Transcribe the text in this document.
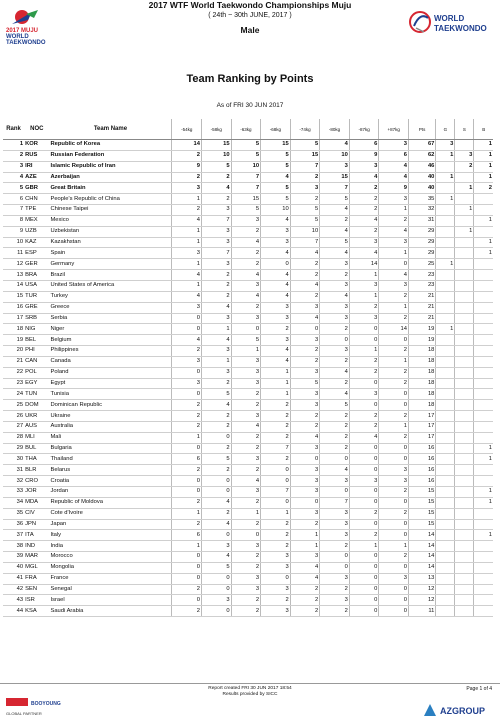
2017 MUJU
WORLD
TAEKWONDO
2017 WTF World Taekwondo Championships Muju
( 24th ~ 30th JUNE, 2017 )
Male
WORLD
TAEKWONDO
Team Ranking by Points
As of FRI 30 JUN 2017
Rank	NOC	Team Name	-54kg	-58kg	-63kg	-68kg	-74kg	-80kg	-87kg	+87kg	Pts	G	S	B
1	KOR	Republic of Korea	14	15	5	15	5	4	6	3	67	3		1
2	RUS	Russian Federation	2	10	5	5	15	10	9	6	62	1	3	1
3	IRI	Islamic Republic of Iran	9	5	10	5	7	3	3	4	46		2	1
4	AZE	Azerbaijan	2	2	7	4	2	15	4	4	40	1		1
5	GBR	Great Britain	3	4	7	5	3	7	2	9	40		1	2
6	CHN	People's Republic of China	1	2	15	5	2	5	2	3	35	1		
7	TPE	Chinese Taipei	2	3	5	10	5	4	2	1	32		1	
8	MEX	Mexico	4	7	3	4	5	2	4	2	31			1
9	UZB	Uzbekistan	1	3	2	3	10	4	2	4	29		1	
10	KAZ	Kazakhstan	1	3	4	3	7	5	3	3	29			1
11	ESP	Spain	3	7	2	4	4	4	4	1	29			1
12	GER	Germany	1	3	2	0	2	3	14	0	25	1		
13	BRA	Brazil	4	2	4	4	2	2	1	4	23			
14	USA	United States of America	1	2	3	4	4	3	3	3	23			
15	TUR	Turkey	4	2	4	4	2	4	1	2	21			
16	GRE	Greece	3	4	2	3	3	3	2	1	21			
17	SRB	Serbia	0	3	3	3	4	3	3	2	21			
18	NIG	Niger	0	1	0	2	0	2	0	14	19	1		
19	BEL	Belgium	4	4	5	3	3	0	0	0	19			
20	PHI	Philippines	2	3	1	4	2	3	1	2	18			
21	CAN	Canada	3	1	3	4	2	2	2	1	18			
22	POL	Poland	0	3	3	1	3	4	2	2	18			
23	EGY	Egypt	3	2	3	1	5	2	0	2	18			
24	TUN	Tunisia	0	5	2	1	3	4	3	0	18			
25	DOM	Dominican Republic	2	4	2	2	3	5	0	0	18			
26	UKR	Ukraine	2	2	3	2	2	2	2	2	17			
27	AUS	Australia	2	2	4	2	2	2	2	1	17			
28	MLI	Mali	1	0	2	2	4	2	4	2	17			
29	BUL	Bulgaria	0	2	2	7	3	2	0	0	16			1
30	THA	Thailand	6	5	3	2	0	0	0	0	16			1
31	BLR	Belarus	2	2	2	0	3	4	0	3	16			
32	CRO	Croatia	0	0	4	0	3	3	3	3	16			
33	JOR	Jordan	0	0	3	7	3	0	0	2	15			1
34	MDA	Republic of Moldova	2	4	2	0	0	7	0	0	15			1
35	CIV	Cote d'Ivoire	1	2	1	1	3	3	2	2	15			
36	JPN	Japan	2	4	2	2	2	3	0	0	15			
37	ITA	Italy	6	0	0	2	1	3	2	0	14			1
38	IND	India	1	3	3	2	1	2	1	1	14			
39	MAR	Morocco	0	4	2	3	3	0	0	2	14			
40	MGL	Mongolia	0	5	2	3	4	0	0	0	14			
41	FRA	France	0	0	3	0	4	3	0	3	13			
42	SEN	Senegal	2	0	3	3	2	2	0	0	12			
43	ISR	Israel	0	3	2	2	2	3	0	0	12			
44	KSA	Saudi Arabia	2	0	2	3	2	2	0	0	11			
Report created FRI 30 JUN 2017 18:54
Results provided by SICC
Page 1 of 4
BOOYOUNG
GLOBAL PARTNER	AZGROUP
